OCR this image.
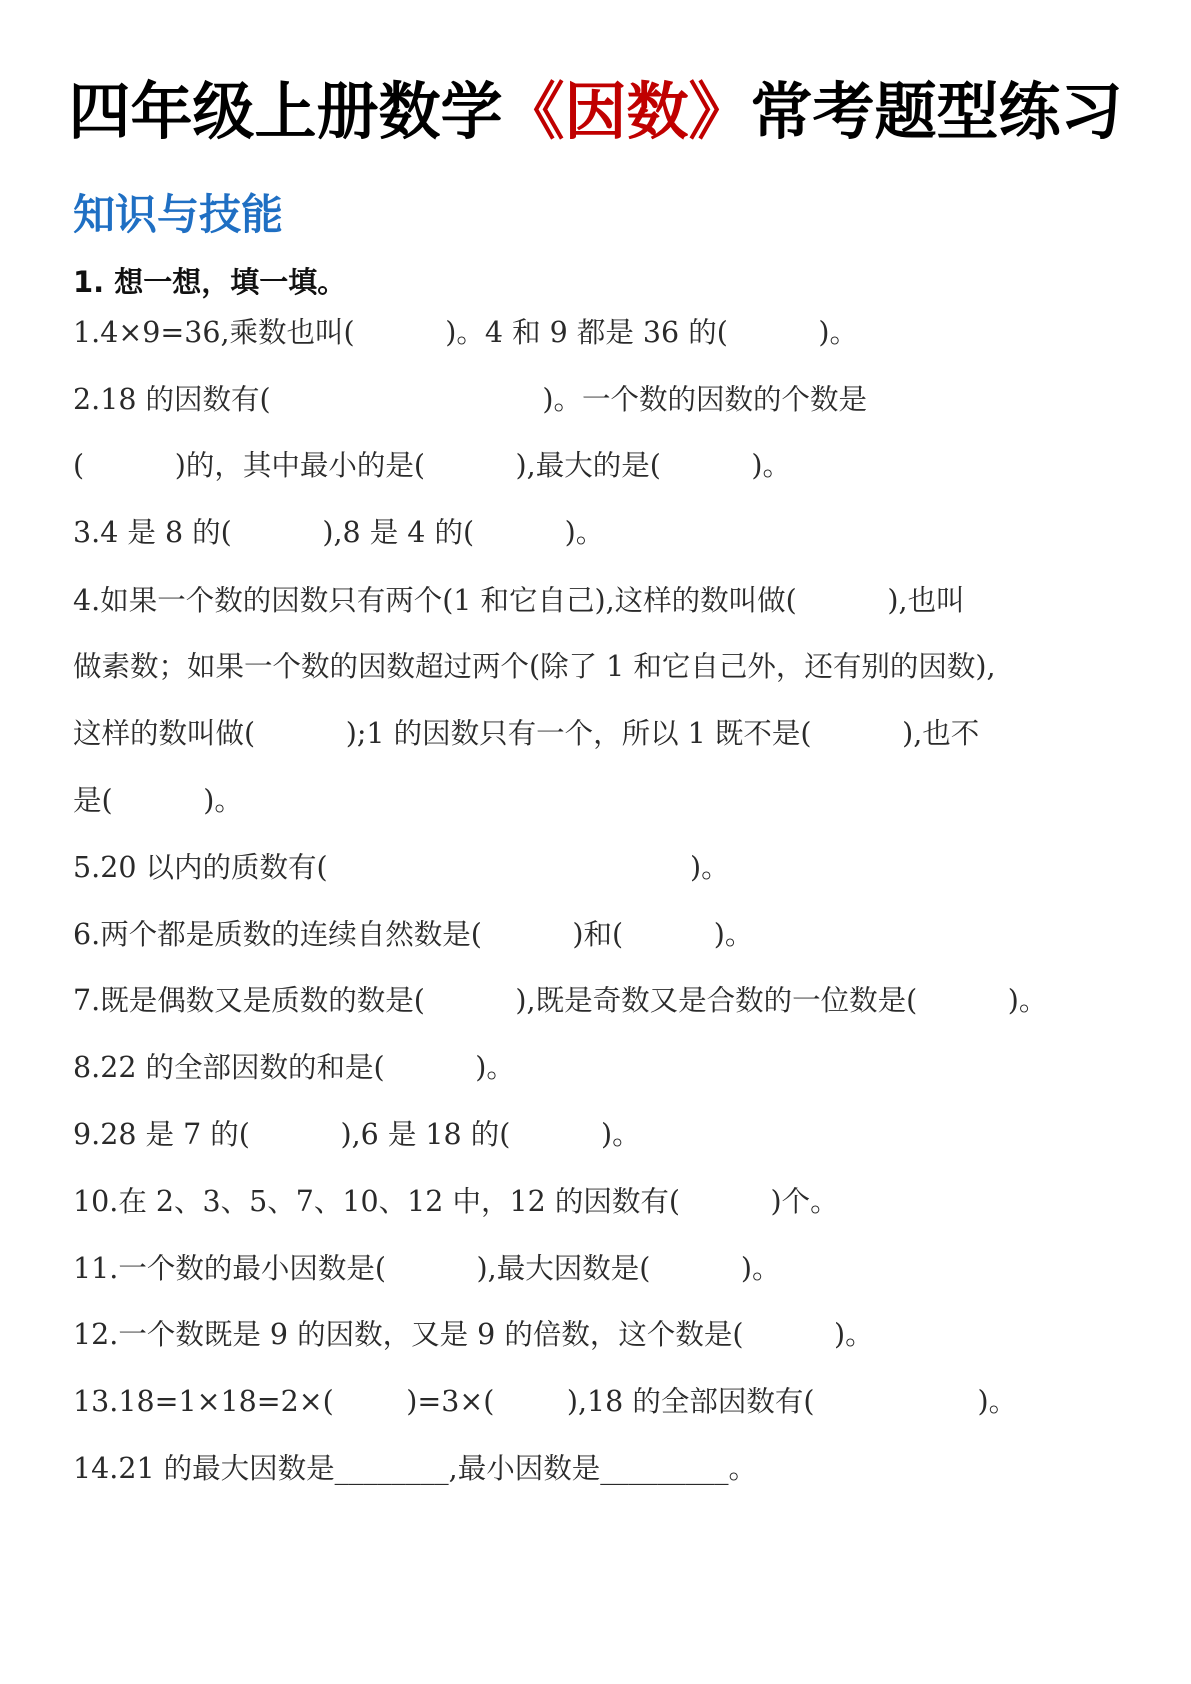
四年级上册数学《因数》常考题型练习
知识与技能
1. 想一想，填一填。
1.4×9=36,乘数也叫(          )。4 和 9 都是 36 的(          )。
2.18 的因数有(                              )。一个数的因数的个数是
(          )的，其中最小的是(          ),最大的是(          )。
3.4 是 8 的(          ),8 是 4 的(          )。
4.如果一个数的因数只有两个(1 和它自己),这样的数叫做(          ),也叫
做素数；如果一个数的因数超过两个(除了 1 和它自己外，还有别的因数),
这样的数叫做(          );1 的因数只有一个，所以 1 既不是(          ),也不
是(          )。
5.20 以内的质数有(                                        )。
6.两个都是质数的连续自然数是(          )和(          )。
7.既是偶数又是质数的数是(          ),既是奇数又是合数的一位数是(          )。
8.22 的全部因数的和是(          )。
9.28 是 7 的(          ),6 是 18 的(          )。
10.在 2、3、5、7、10、12 中，12 的因数有(          )个。
11.一个数的最小因数是(          ),最大因数是(          )。
12.一个数既是 9 的因数，又是 9 的倍数，这个数是(          )。
13.18=1×18=2×(        )=3×(        ),18 的全部因数有(                  )。
14.21 的最大因数是________,最小因数是_________。
